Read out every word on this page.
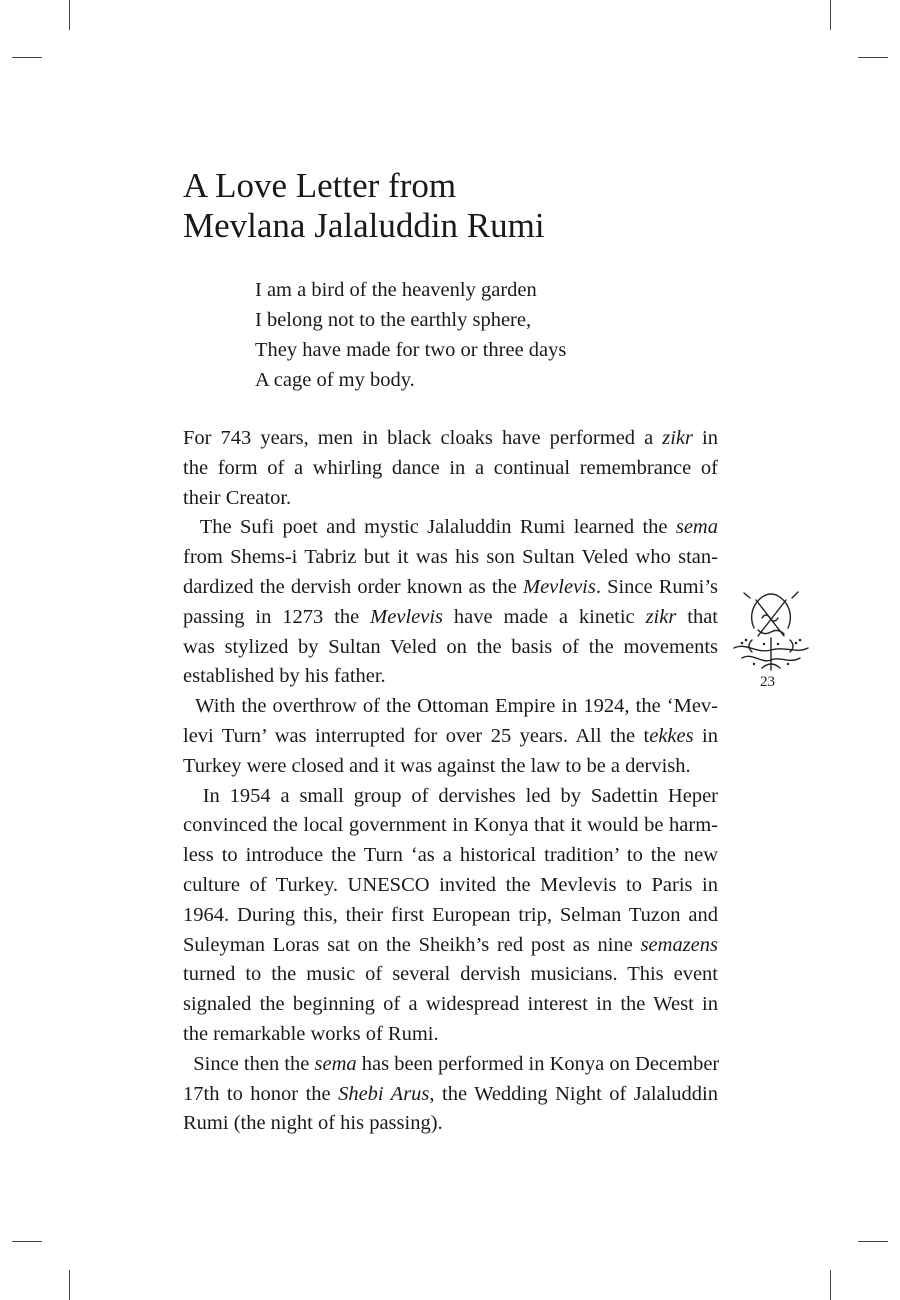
A Love Letter from
Mevlana Jalaluddin Rumi
I am a bird of the heavenly garden
I belong not to the earthly sphere,
They have made for two or three days
A cage of my body.
For 743 years, men in black cloaks have performed a zikr in
the form of a whirling dance in a continual remembrance of
their Creator.
The Sufi poet and mystic Jalaluddin Rumi learned the sema
from Shems-i Tabriz but it was his son Sultan Veled who stan-
dardized the dervish order known as the Mevlevis. Since Rumi’s
passing in 1273 the Mevlevis have made a kinetic zikr that
was stylized by Sultan Veled on the basis of the movements
established by his father.
With the overthrow of the Ottoman Empire in 1924, the ‘Mev-
levi Turn’ was interrupted for over 25 years. All the tekkes in
Turkey were closed and it was against the law to be a dervish.
In 1954 a small group of dervishes led by Sadettin Heper
convinced the local government in Konya that it would be harm-
less to introduce the Turn ‘as a historical tradition’ to the new
culture of Turkey. UNESCO invited the Mevlevis to Paris in
1964. During this, their first European trip, Selman Tuzon and
Suleyman Loras sat on the Sheikh’s red post as nine semazens
turned to the music of several dervish musicians. This event
signaled the beginning of a widespread interest in the West in
the remarkable works of Rumi.
Since then the sema has been performed in Konya on December
17th to honor the Shebi Arus, the Wedding Night of Jalaluddin
Rumi (the night of his passing).
23
